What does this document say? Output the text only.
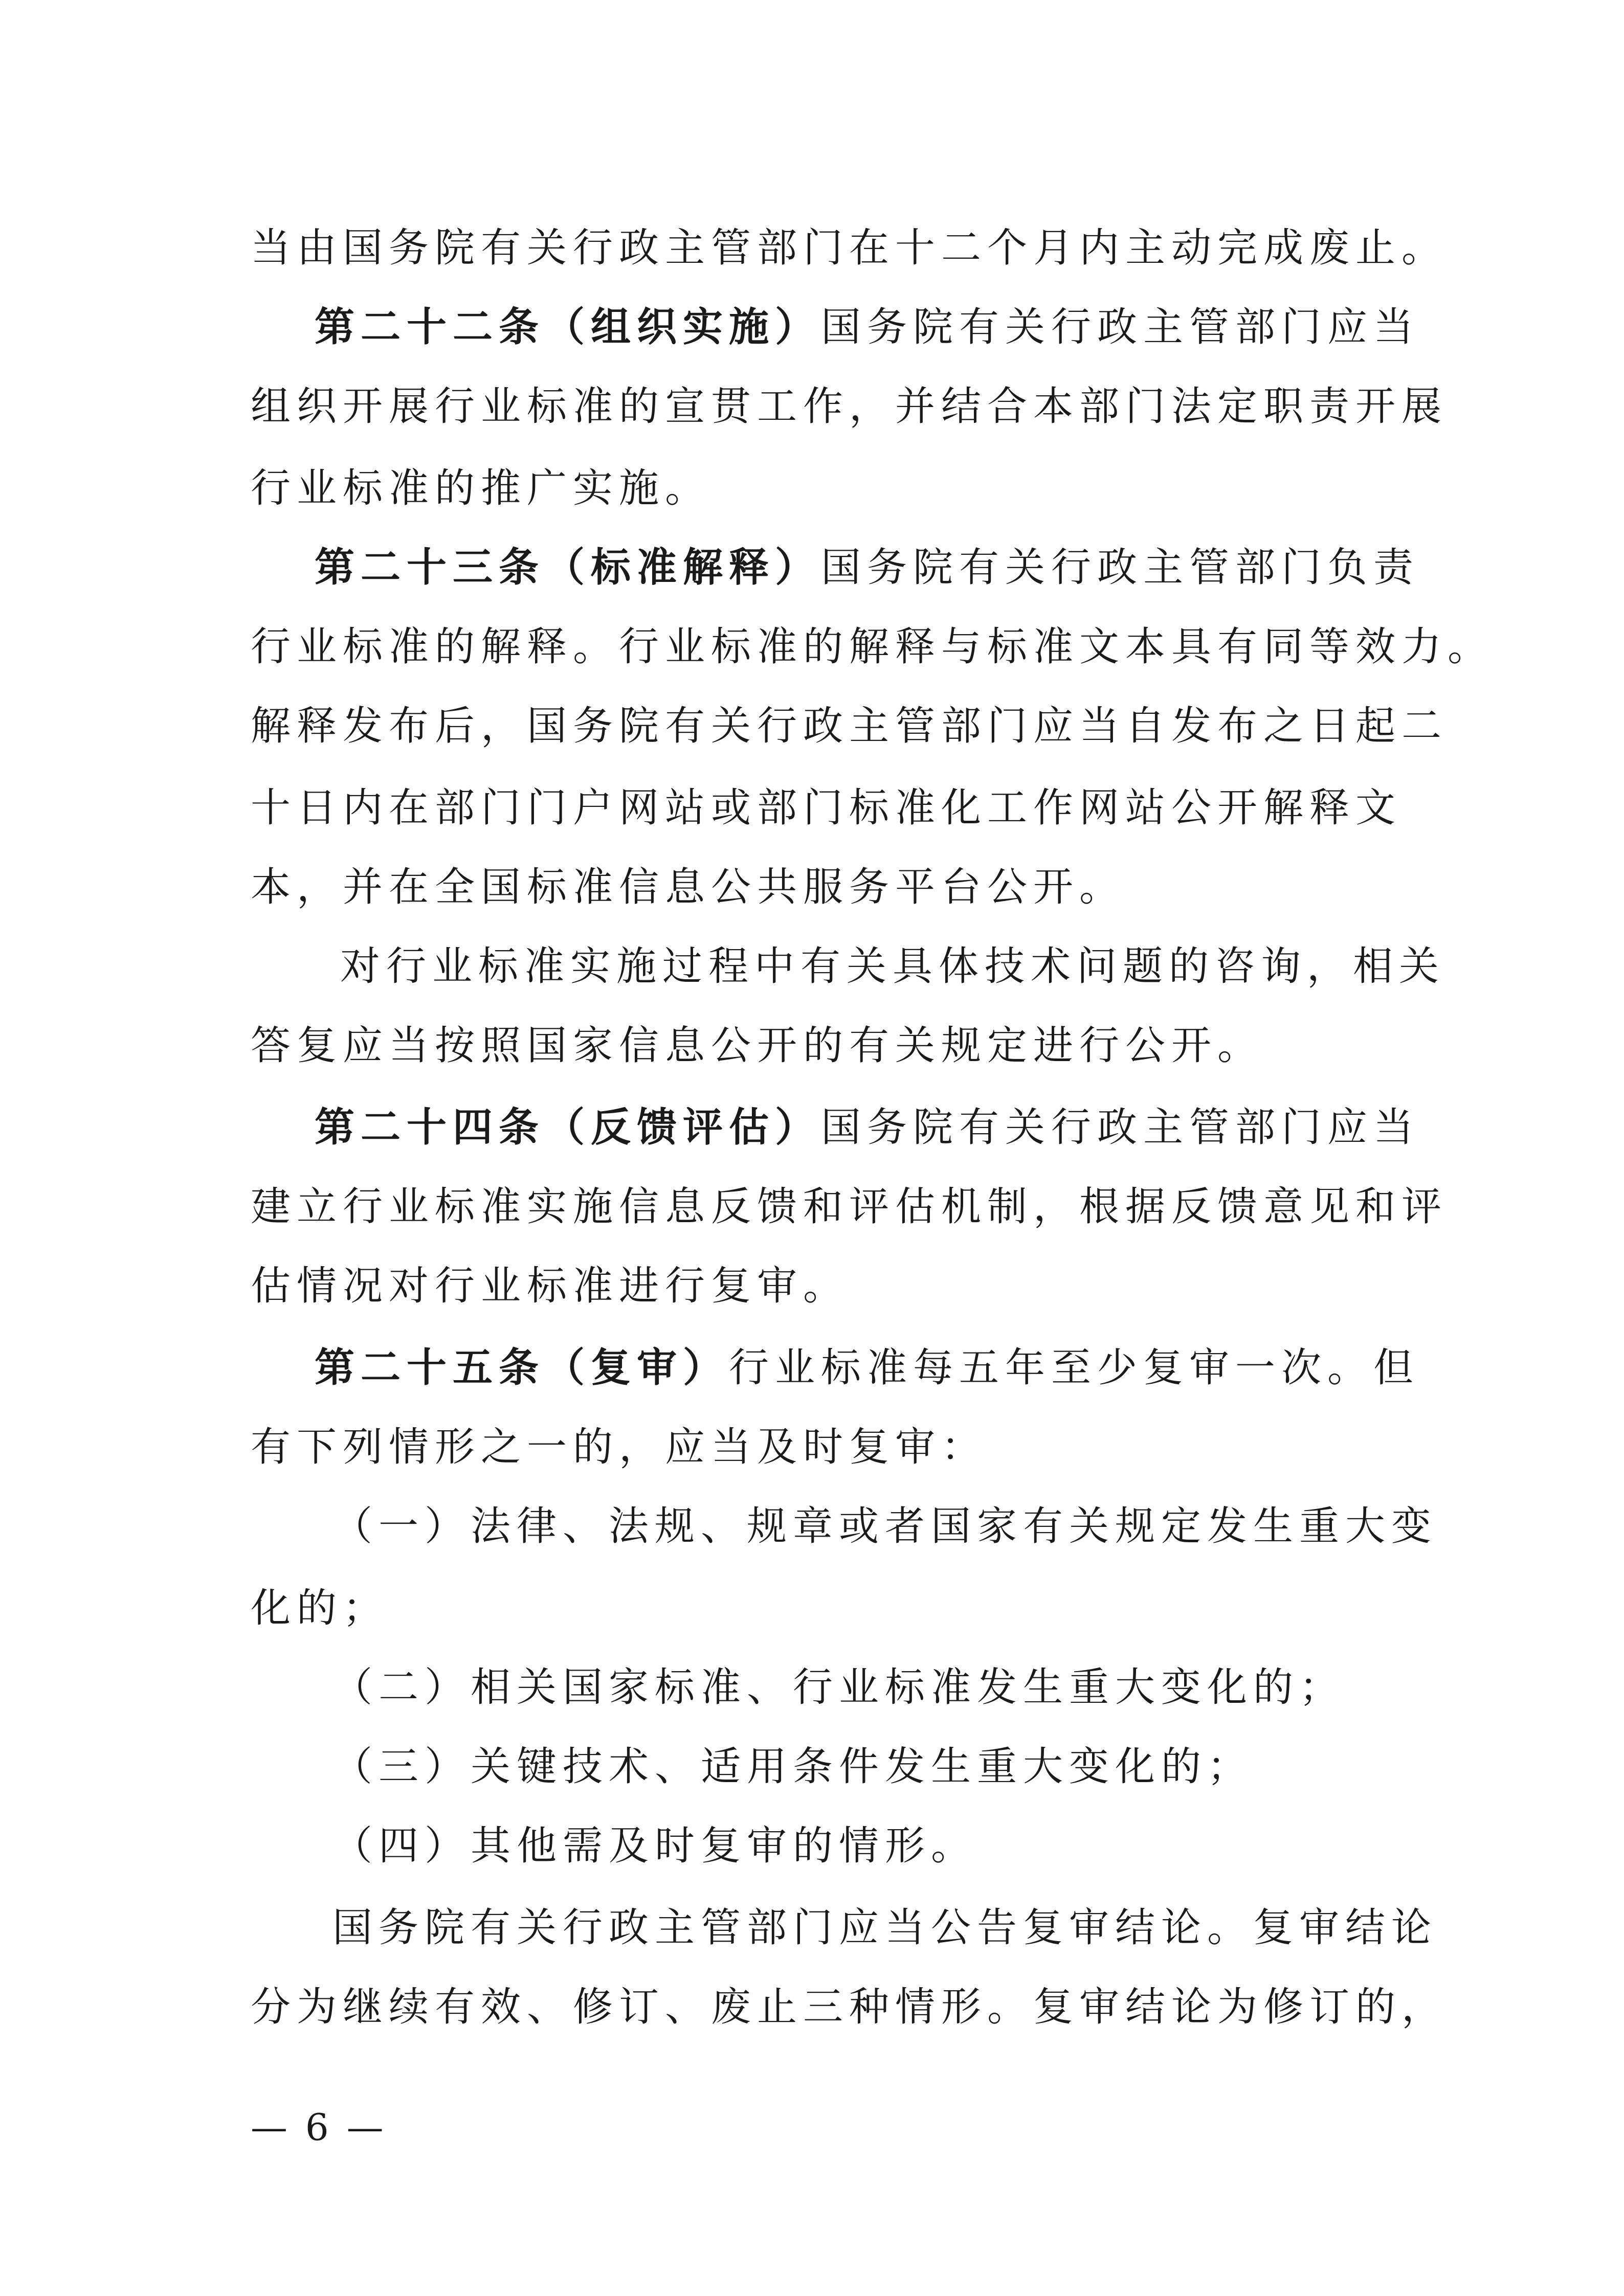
当由国务院有关行政主管部门在十二个月内主动完成废止。
第二十二条（组织实施）国务院有关行政主管部门应当
组织开展行业标准的宣贯工作，并结合本部门法定职责开展
行业标准的推广实施。
第二十三条（标准解释）国务院有关行政主管部门负责
行业标准的解释。行业标准的解释与标准文本具有同等效力。
解释发布后，国务院有关行政主管部门应当自发布之日起二
十日内在部门门户网站或部门标准化工作网站公开解释文
本，并在全国标准信息公共服务平台公开。
对行业标准实施过程中有关具体技术问题的咨询，相关
答复应当按照国家信息公开的有关规定进行公开。
第二十四条（反馈评估）国务院有关行政主管部门应当
建立行业标准实施信息反馈和评估机制，根据反馈意见和评
估情况对行业标准进行复审。
第二十五条（复审）行业标准每五年至少复审一次。但
有下列情形之一的，应当及时复审：
（一）法律、法规、规章或者国家有关规定发生重大变
化的；
（二）相关国家标准、行业标准发生重大变化的；
（三）关键技术、适用条件发生重大变化的；
（四）其他需及时复审的情形。
国务院有关行政主管部门应当公告复审结论。复审结论
分为继续有效、修订、废止三种情形。复审结论为修订的，
— 6 —
